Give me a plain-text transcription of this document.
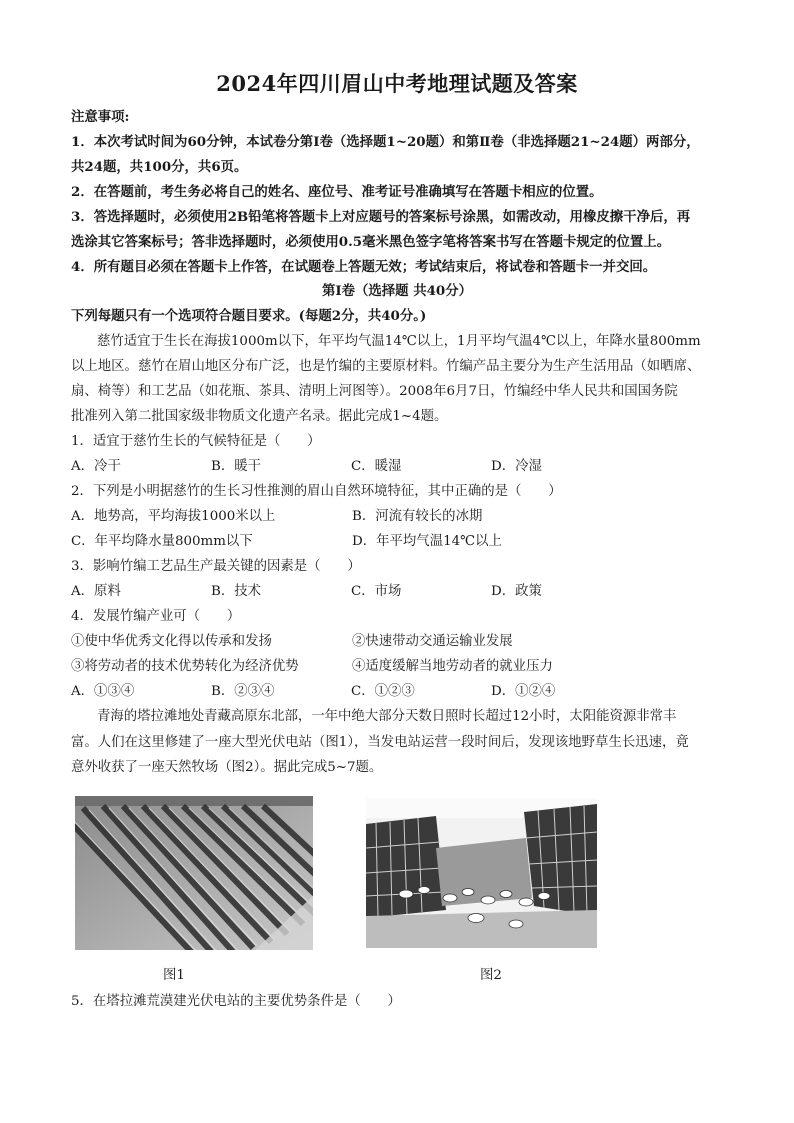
2024年四川眉山中考地理试题及答案
注意事项:
1．本次考试时间为60分钟，本试卷分第Ⅰ卷（选择题1~20题）和第Ⅱ卷（非选择题21~24题）两部分，
共24题，共100分，共6页。
2．在答题前，考生务必将自己的姓名、座位号、准考证号准确填写在答题卡相应的位置。
3．答选择题时，必须使用2B铅笔将答题卡上对应题号的答案标号涂黑，如需改动，用橡皮擦干净后，再
选涂其它答案标号；答非选择题时，必须使用0.5毫米黑色签字笔将答案书写在答题卡规定的位置上。
4．所有题目必须在答题卡上作答，在试题卷上答题无效；考试结束后，将试卷和答题卡一并交回。
第Ⅰ卷（选择题 共40分）
下列每题只有一个选项符合题目要求。(每题2分，共40分。)
慈竹适宜于生长在海拔1000m以下，年平均气温14℃以上，1月平均气温4℃以上，年降水量800mm
以上地区。慈竹在眉山地区分布广泛，也是竹编的主要原材料。竹编产品主要分为生产生活用品（如晒席、
扇、椅等）和工艺品（如花瓶、茶具、清明上河图等）。2008年6月7日，竹编经中华人民共和国国务院
批准列入第二批国家级非物质文化遗产名录。据此完成1~4题。
1．适宜于慈竹生长的气候特征是（　　）
A．冷干	B．暖干	C．暖湿	D．冷湿
2．下列是小明据慈竹的生长习性推测的眉山自然环境特征，其中正确的是（　　）
A．地势高，平均海拔1000米以上	B．河流有较长的冰期
C．年平均降水量800mm以下	D．年平均气温14℃以上
3．影响竹编工艺品生产最关键的因素是（　　）
A．原料	B．技术	C．市场	D．政策
4．发展竹编产业可（　　）
①使中华优秀文化得以传承和发扬	②快速带动交通运输业发展
③将劳动者的技术优势转化为经济优势	④适度缓解当地劳动者的就业压力
A．①③④	B．②③④	C．①②③	D．①②④
青海的塔拉滩地处青藏高原东北部，一年中绝大部分天数日照时长超过12小时，太阳能资源非常丰
富。人们在这里修建了一座大型光伏电站（图1），当发电站运营一段时间后，发现该地野草生长迅速，竟
意外收获了一座天然牧场（图2）。据此完成5~7题。
图1	图2
5．在塔拉滩荒漠建光伏电站的主要优势条件是（　　）
